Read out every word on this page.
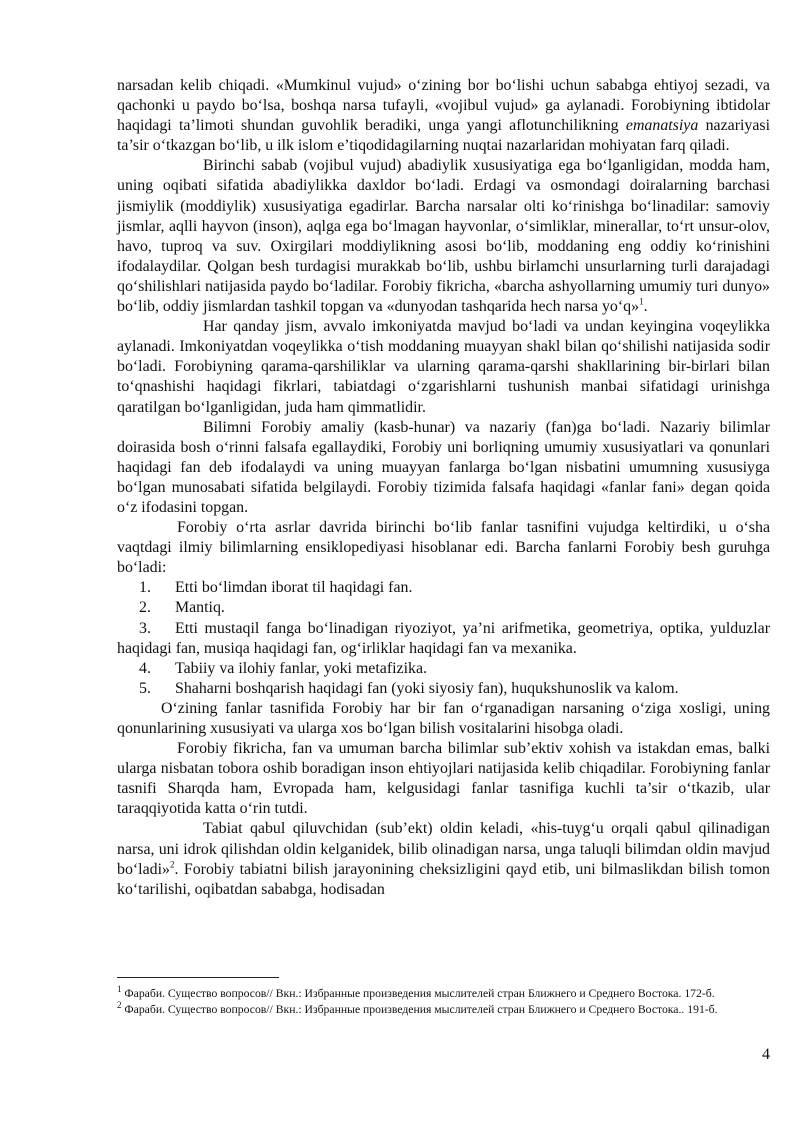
narsadan kelib chiqadi. «Mumkinul vujud» o‘zining bor bo‘lishi uchun sababga ehtiyoj sezadi, va qachonki u paydo bo‘lsa, boshqa narsa tufayli, «vojibul vujud» ga aylanadi. Forobiyning ibtidolar haqidagi ta’limoti shundan guvohlik beradiki, unga yangi aflotunchilikning emanatsiya nazariyasi ta’sir o‘tkazgan bo‘lib, u ilk islom e’tiqodidagilarning nuqtai nazarlaridan mohiyatan farq qiladi.

Birinchi sabab (vojibul vujud) abadiylik xususiyatiga ega bo‘lganligidan, modda ham, uning oqibati sifatida abadiylikka daxldor bo‘ladi. Erdagi va osmondagi doiralarning barchasi jismiylik (moddiylik) xususiyatiga egadirlar. Barcha narsalar olti ko‘rinishga bo‘linadilar: samoviy jismlar, aqlli hayvon (inson), aqlga ega bo‘lmagan hayvonlar, o‘simliklar, minerallar, to‘rt unsur-olov, havo, tuproq va suv. Oxirgilari moddiylikning asosi bo‘lib, moddaning eng oddiy ko‘rinishini ifodalaydilar. Qolgan besh turdagisi murakkab bo‘lib, ushbu birlamchi unsurlarning turli darajadagi qo‘shilishlari natijasida paydo bo‘ladilar. Forobiy fikricha, «barcha ashyollarning umumiy turi dunyo» bo‘lib, oddiy jismlardan tashkil topgan va «dunyodan tashqarida hech narsa yo‘q»$^1$.

Har qanday jism, avvalo imkoniyatda mavjud bo‘ladi va undan keyingina voqeylikka aylanadi. Imkoniyatdan voqeylikka o‘tish moddaning muayyan shakl bilan qo‘shilishi natijasida sodir bo‘ladi. Forobiyning qarama-qarshiliklar va ularning qarama-qarshi shakllarining bir-birlari bilan to‘qnashishi haqidagi fikrlari, tabiatdagi o‘zgarishlarni tushunish manbai sifatidagi urinishga qaratilgan bo‘lganligidan, juda ham qimmatlidir.

Bilimni Forobiy amaliy (kasb-hunar) va nazariy (fan)ga bo‘ladi. Nazariy bilimlar doirasida bosh o‘rinni falsafa egallaydiki, Forobiy uni borliqning umumiy xususiyatlari va qonunlari haqidagi fan deb ifodalaydi va uning muayyan fanlarga bo‘lgan nisbatini umumning xususiyga bo‘lgan munosabati sifatida belgilaydi. Forobiy tizimida falsafa haqidagi «fanlar fani» degan qoida o‘z ifodasini topgan.

Forobiy o‘rta asrlar davrida birinchi bo‘lib fanlar tasnifini vujudga keltirdiki, u o‘sha vaqtdagi ilmiy bilimlarning ensiklopediyasi hisoblanar edi. Barcha fanlarni Forobiy besh guruhga bo‘ladi:

1. Etti bo‘limdan iborat til haqidagi fan.
2. Mantiq.
3. Etti mustaqil fanga bo‘linadigan riyoziyot, ya’ni arifmetika, geometriya, optika, yulduzlar haqidagi fan, musiqa haqidagi fan, og‘irliklar haqidagi fan va mexanika.
4. Tabiiy va ilohiy fanlar, yoki metafizika.
5. Shaharni boshqarish haqidagi fan (yoki siyosiy fan), huqukshunoslik va kalom.

O‘zining fanlar tasnifida Forobiy har bir fan o‘rganadigan narsaning o‘ziga xosligi, uning qonunlarining xususiyati va ularga xos bo‘lgan bilish vositalarini hisobga oladi.

Forobiy fikricha, fan va umuman barcha bilimlar sub’ektiv xohish va istakdan emas, balki ularga nisbatan tobora oshib boradigan inson ehtiyojlari natijasida kelib chiqadilar. Forobiyning fanlar tasnifi Sharqda ham, Evropada ham, kelgusidagi fanlar tasnifiga kuchli ta’sir o‘tkazib, ular taraqqiyotida katta o‘rin tutdi.

Tabiat qabul qiluvchidan (sub’ekt) oldin keladi, «his-tuyg‘u orqali qabul qilinadigan narsa, uni idrok qilishdan oldin kelganidek, bilib olinadigan narsa, unga taluqli bilimdan oldin mavjud bo‘ladi»$^2$. Forobiy tabiatni bilish jarayonining cheksizligini qayd etib, uni bilmaslikdan bilish tomon ko‘tarilishi, oqibatdan sababga, hodisadan

$^1$ Фараби. Существо вопросов// Вкн.: Избранные произведения мыслителей стран Ближнего и Среднего Востока. 172-б.

$^2$ Фараби. Существо вопросов// Вкн.: Избранные произведения мыслителей стран Ближнего и Среднего Востока.. 191-б.

4
